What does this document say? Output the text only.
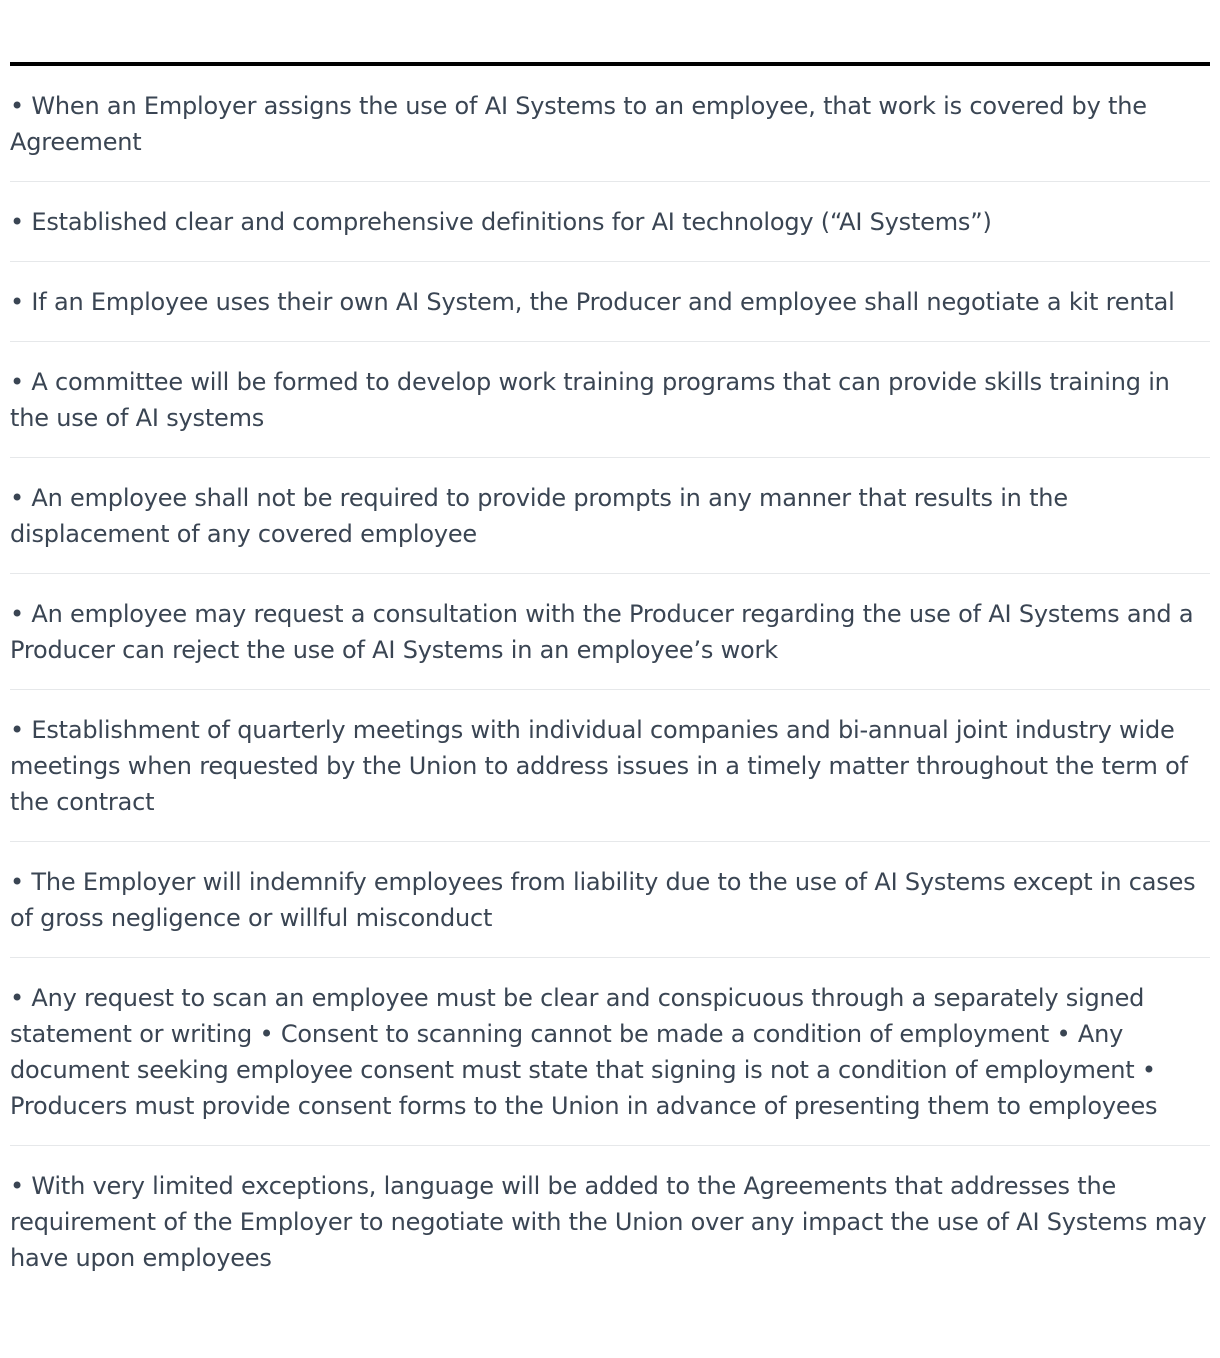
• When an Employer assigns the use of AI Systems to an employee, that work is covered by the Agreement
• Established clear and comprehensive definitions for AI technology (“AI Systems”)
• If an Employee uses their own AI System, the Producer and employee shall negotiate a kit rental
• A committee will be formed to develop work training programs that can provide skills training in the use of AI systems
• An employee shall not be required to provide prompts in any manner that results in the displacement of any covered employee
• An employee may request a consultation with the Producer regarding the use of AI Systems and a Producer can reject the use of AI Systems in an employee’s work
• Establishment of quarterly meetings with individual companies and bi-annual joint industry wide meetings when requested by the Union to address issues in a timely matter throughout the term of the contract
• The Employer will indemnify employees from liability due to the use of AI Systems except in cases of gross negligence or willful misconduct
• Any request to scan an employee must be clear and conspicuous through a separately signed statement or writing • Consent to scanning cannot be made a condition of employment • Any document seeking employee consent must state that signing is not a condition of employment • Producers must provide consent forms to the Union in advance of presenting them to employees
• With very limited exceptions, language will be added to the Agreements that addresses the requirement of the Employer to negotiate with the Union over any impact the use of AI Systems may have upon employees
